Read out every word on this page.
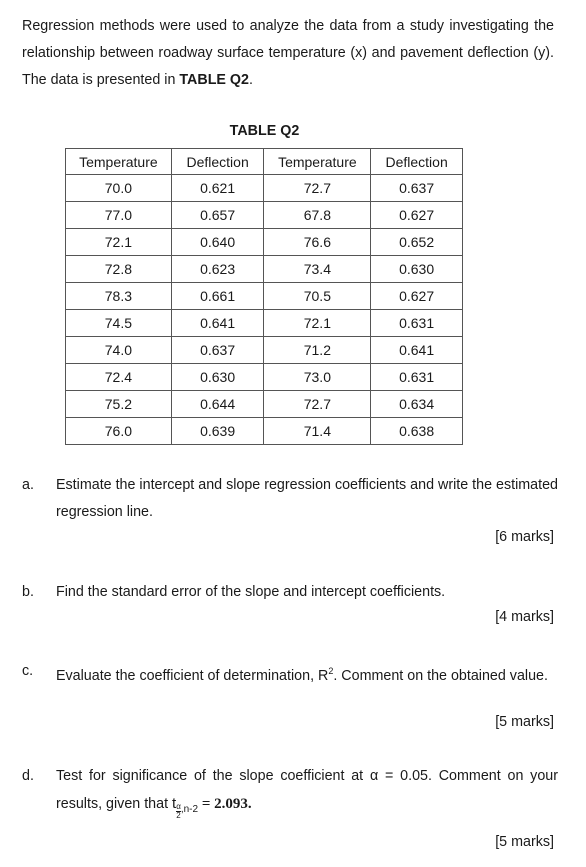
Regression methods were used to analyze the data from a study investigating the relationship between roadway surface temperature (x) and pavement deflection (y). The data is presented in TABLE Q2.

TABLE Q2
Temperature	Deflection	Temperature	Deflection
70.0	0.621	72.7	0.637
77.0	0.657	67.8	0.627
72.1	0.640	76.6	0.652
72.8	0.623	73.4	0.630
78.3	0.661	70.5	0.627
74.5	0.641	72.1	0.631
74.0	0.637	71.2	0.641
72.4	0.630	73.0	0.631
75.2	0.644	72.7	0.634
76.0	0.639	71.4	0.638
a. Estimate the intercept and slope regression coefficients and write the estimated regression line.
[6 marks]
b. Find the standard error of the slope and intercept coefficients.
[4 marks]
c. Evaluate the coefficient of determination, $R^2$. Comment on the obtained value.
[5 marks]
d. Test for significance of the slope coefficient at α = 0.05. Comment on your results, given that t $_{\frac{\alpha}{2} ,n-2}$ = 2.093.
[5 marks]
